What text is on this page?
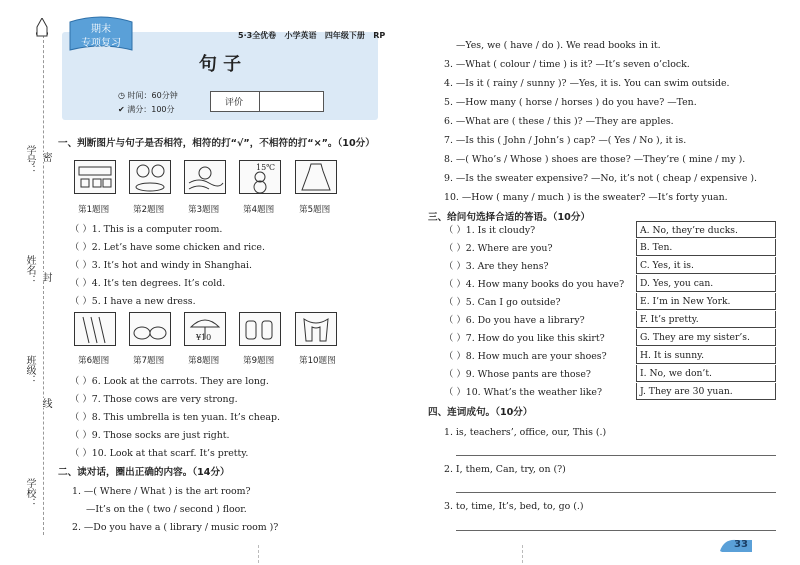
学号：
姓名：
班级：
学校：
密
封
线
期末
专项复习
5·3全优卷 小学英语 四年级下册 RP
句 子
◷ 时间：60分钟
✔ 满分：100分
评价
一、判断图片与句子是否相符，相符的打“√”，不相符的打“×”。（10分）
15℃
第1题图	第2题图	第3题图	第4题图	第5题图
（ ）1. This is a computer room.
（ ）2. Let’s have some chicken and rice.
（ ）3. It’s hot and windy in Shanghai.
（ ）4. It’s ten degrees. It’s cold.
（ ）5. I have a new dress.
¥10
第6题图	第7题图	第8题图	第9题图	第10题图
（ ）6. Look at the carrots. They are long.
（ ）7. Those cows are very strong.
（ ）8. This umbrella is ten yuan. It’s cheap.
（ ）9. Those socks are just right.
（ ）10. Look at that scarf. It’s pretty.
二、读对话，圈出正确的内容。（14分）
1. —( Where / What ) is the art room?
—It’s on the ( two / second ) floor.
2. —Do you have a ( library / music room )?
—Yes, we ( have / do ). We read books in it.
3. —What ( colour / time ) is it? —It’s seven o’clock.
4. —Is it ( rainy / sunny )? —Yes, it is. You can swim outside.
5. —How many ( horse / horses ) do you have? —Ten.
6. —What are ( these / this )? —They are apples.
7. —Is this ( John / John’s ) cap? —( Yes / No ), it is.
8. —( Who’s / Whose ) shoes are those? —They’re ( mine / my ).
9. —Is the sweater expensive? —No, it’s not ( cheap / expensive ).
10. —How ( many / much ) is the sweater? —It’s forty yuan.
三、给问句选择合适的答语。（10分）
（ ）1. Is it cloudy?
（ ）2. Where are you?
（ ）3. Are they hens?
（ ）4. How many books do you have?
（ ）5. Can I go outside?
（ ）6. Do you have a library?
（ ）7. How do you like this skirt?
（ ）8. How much are your shoes?
（ ）9. Whose pants are those?
（ ）10. What’s the weather like?
A. No, they’re ducks.
B. Ten.
C. Yes, it is.
D. Yes, you can.
E. I’m in New York.
F. It’s pretty.
G. They are my sister’s.
H. It is sunny.
I. No, we don’t.
J. They are 30 yuan.
四、连词成句。（10分）
1. is, teachers’, office, our, This (.)
2. I, them, Can, try, on (?)
3. to, time, It’s, bed, to, go (.)
33
